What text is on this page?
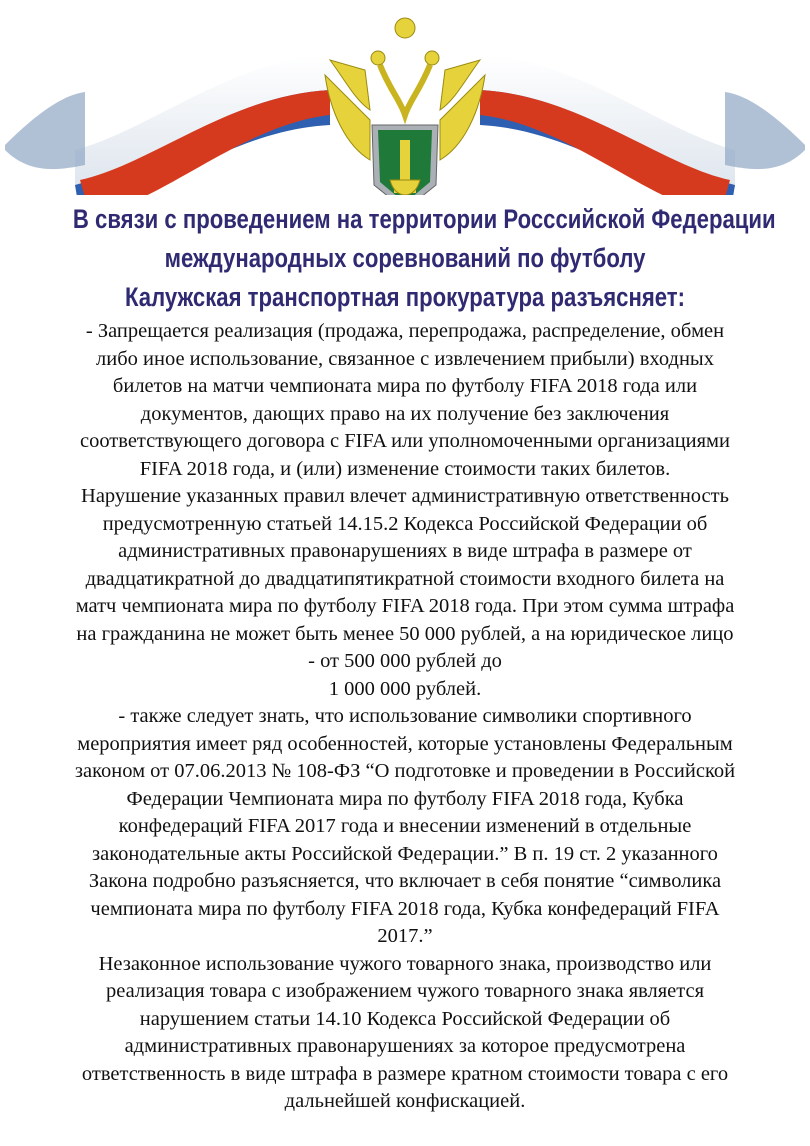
В связи с проведением на территории Росссийской Федерации
международных соревнований по футболу
Калужская транспортная прокуратура разъясняет:
- Запрещается реализация (продажа, перепродажа, распределение, обмен
либо иное использование, связанное с извлечением прибыли) входных
билетов на матчи чемпионата мира по футболу FIFA 2018 года или
документов, дающих право на их получение без заключения
соответствующего договора с FIFA или уполномоченными организациями
FIFA 2018 года, и (или) изменение стоимости таких билетов.
Нарушение указанных правил влечет административную ответственность
предусмотренную статьей 14.15.2 Кодекса Российской Федерации об
административных правонарушениях в виде штрафа в размере от
двадцатикратной до двадцатипятикратной стоимости входного билета на
матч чемпионата мира по футболу FIFA 2018 года. При этом сумма штрафа
на гражданина не может быть менее 50 000 рублей, а на юридическое лицо
- от 500 000 рублей до
1 000 000 рублей.
- также следует знать, что использование символики спортивного
мероприятия имеет ряд особенностей, которые установлены Федеральным
законом от 07.06.2013 № 108-ФЗ “О подготовке и проведении в Российской
Федерации Чемпионата мира по футболу FIFA 2018 года, Кубка
конфедераций FIFA 2017 года и внесении изменений в отдельные
законодательные акты Российской Федерации.” В п. 19 ст. 2 указанного
Закона подробно разъясняется, что включает в себя понятие “символика
чемпионата мира по футболу FIFA 2018 года, Кубка конфедераций FIFA
2017.”
Незаконное использование чужого товарного знака, производство или
реализация товара с изображением чужого товарного знака является
нарушением статьи 14.10 Кодекса Российской Федерации об
административных правонарушениях за которое предусмотрена
ответственность в виде штрафа в размере кратном стоимости товара с его
дальнейшей конфискацией.
